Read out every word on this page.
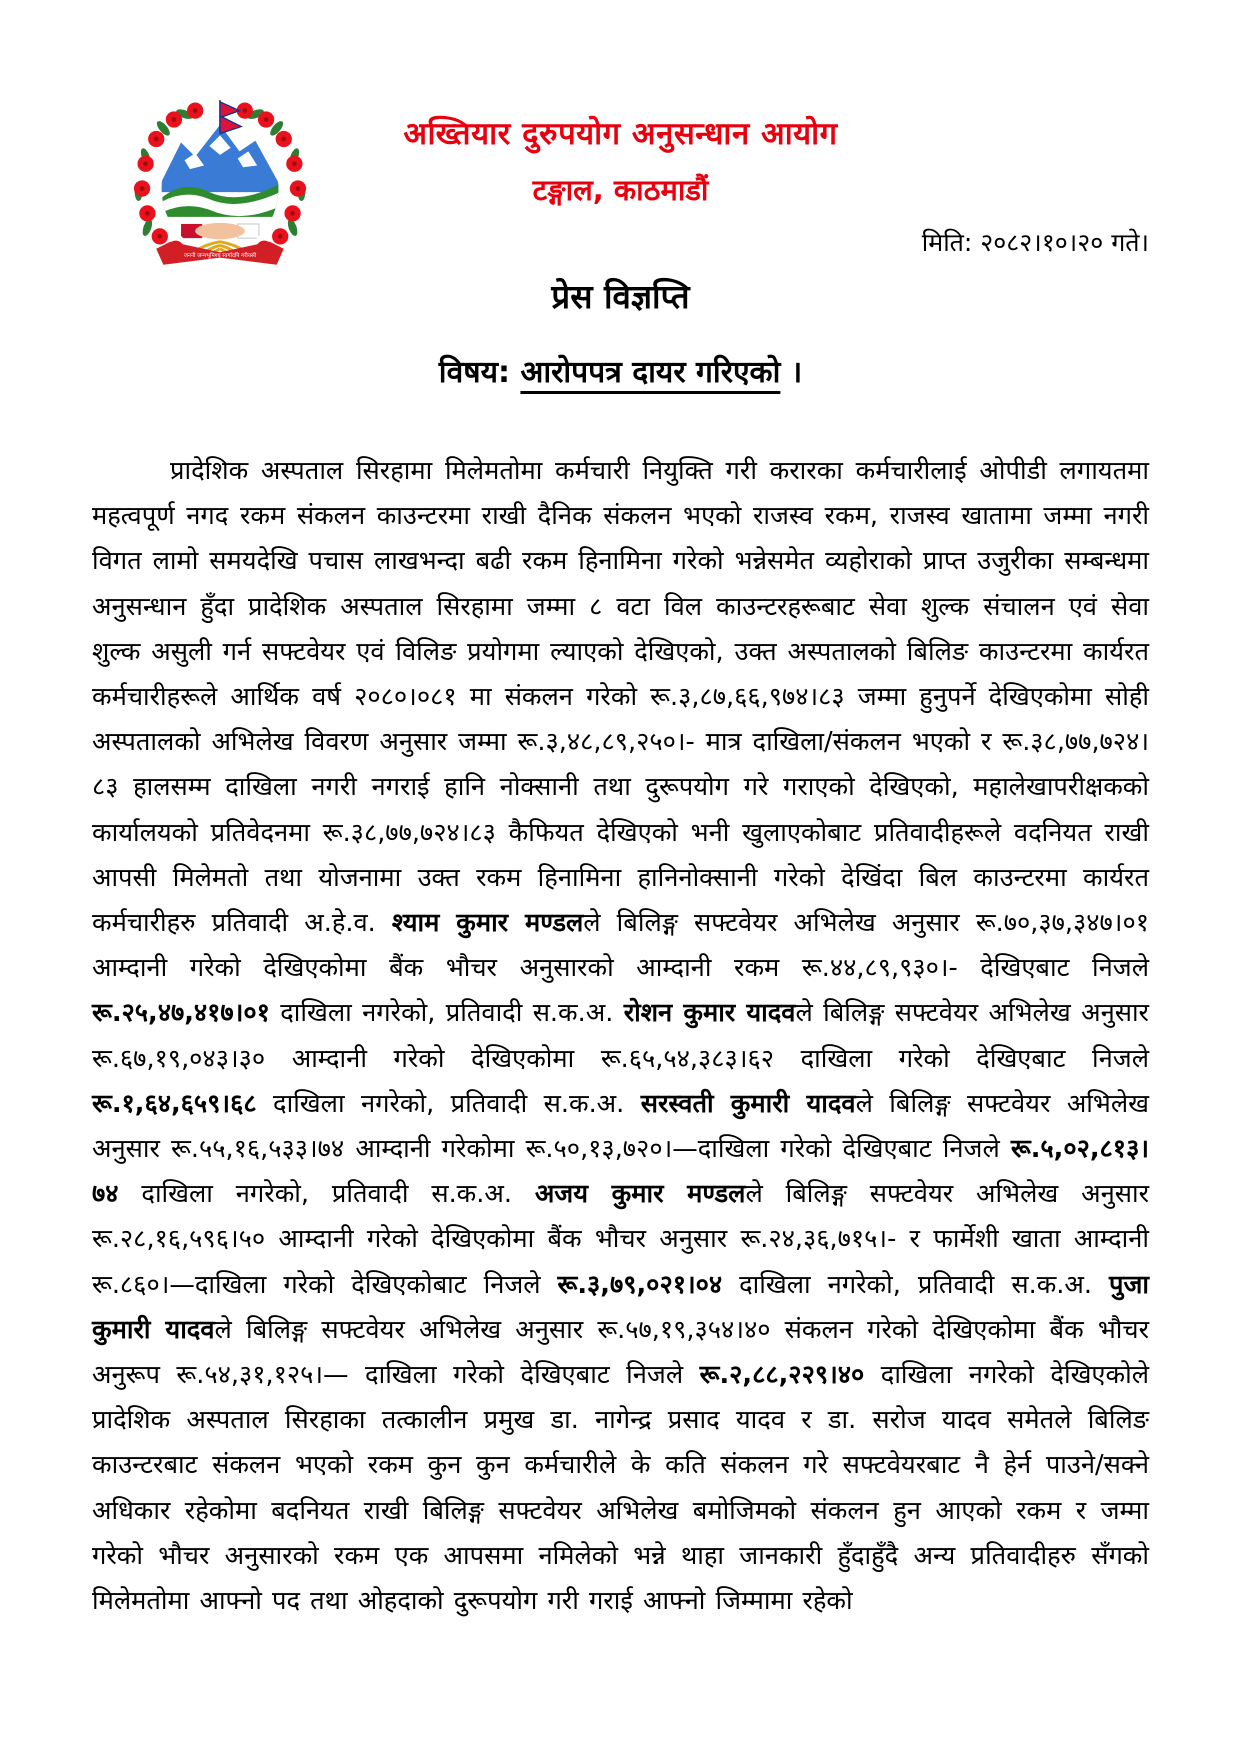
जननी जन्मभूमिश्च स्वर्गादपि गरीयसी
अख्तियार दुरुपयोग अनुसन्धान आयोग
टङ्गाल, काठमाडौं
मिति: २०८२।१०।२० गते।
प्रेस विज्ञप्ति
विषय: आरोपपत्र दायर गरिएको ।
प्रादेशिक अस्पताल सिरहामा मिलेमतोमा कर्मचारी नियुक्ति गरी करारका कर्मचारीलाई ओपीडी लगायतमा महत्वपूर्ण नगद रकम संकलन काउन्टरमा राखी दैनिक संकलन भएको राजस्व रकम, राजस्व खातामा जम्मा नगरी विगत लामो समयदेखि पचास लाखभन्दा बढी रकम हिनामिना गरेको भन्नेसमेत व्यहोराको प्राप्त उजुरीका सम्बन्धमा अनुसन्धान हुँदा प्रादेशिक अस्पताल सिरहामा जम्मा ८ वटा विल काउन्टरहरूबाट सेवा शुल्क संचालन एवं सेवा शुल्क असुली गर्न सफ्टवेयर एवं विलिङ प्रयोगमा ल्याएको देखिएको, उक्त अस्पतालको बिलिङ काउन्टरमा कार्यरत कर्मचारीहरूले आर्थिक वर्ष २०८०।०८१ मा संकलन गरेको रू.३,८७,६६,९७४।८३ जम्मा हुनुपर्ने देखिएकोमा सोही अस्पतालको अभिलेख विवरण अनुसार जम्मा रू.३,४८,८९,२५०।- मात्र दाखिला/संकलन भएको र रू.३८,७७,७२४।८३ हालसम्म दाखिला नगरी नगराई हानि नोक्सानी तथा दुरूपयोग गरे गराएको देखिएको, महालेखापरीक्षकको कार्यालयको प्रतिवेदनमा रू.३८,७७,७२४।८३ कैफियत देखिएको भनी खुलाएकोबाट प्रतिवादीहरूले वदनियत राखी आपसी मिलेमतो तथा योजनामा उक्त रकम हिनामिना हानिनोक्सानी गरेको देखिंदा बिल काउन्टरमा कार्यरत कर्मचारीहरु प्रतिवादी अ.हे.व. श्याम कुमार मण्डलले बिलिङ्ग सफ्टवेयर अभिलेख अनुसार रू.७०,३७,३४७।०१ आम्दानी गरेको देखिएकोमा बैंक भौचर अनुसारको आम्दानी रकम रू.४४,८९,९३०।- देखिएबाट निजले रू.२५,४७,४१७।०१ दाखिला नगरेको, प्रतिवादी स.क.अ. रोशन कुमार यादवले बिलिङ्ग सफ्टवेयर अभिलेख अनुसार रू.६७,१९,०४३।३० आम्दानी गरेको देखिएकोमा रू.६५,५४,३८३।६२ दाखिला गरेको देखिएबाट निजले रू.१,६४,६५९।६८ दाखिला नगरेको, प्रतिवादी स.क.अ. सरस्वती कुमारी यादवले बिलिङ्ग सफ्टवेयर अभिलेख अनुसार रू.५५,१६,५३३।७४ आम्दानी गरेकोमा रू.५०,१३,७२०।—दाखिला गरेको देखिएबाट निजले रू.५,०२,८१३।७४ दाखिला नगरेको, प्रतिवादी स.क.अ. अजय कुमार मण्डलले बिलिङ्ग सफ्टवेयर अभिलेख अनुसार रू.२८,१६,५९६।५० आम्दानी गरेको देखिएकोमा बैंक भौचर अनुसार रू.२४,३६,७१५।- र फार्मेशी खाता आम्दानी रू.८६०।—दाखिला गरेको देखिएकोबाट निजले रू.३,७९,०२१।०४ दाखिला नगरेको, प्रतिवादी स.क.अ. पुजा कुमारी यादवले बिलिङ्ग सफ्टवेयर अभिलेख अनुसार रू.५७,१९,३५४।४० संकलन गरेको देखिएकोमा बैंक भौचर अनुरूप रू.५४,३१,१२५।— दाखिला गरेको देखिएबाट निजले रू.२,८८,२२९।४० दाखिला नगरेको देखिएकोले प्रादेशिक अस्पताल सिरहाका तत्कालीन प्रमुख डा. नागेन्द्र प्रसाद यादव र डा. सरोज यादव समेतले बिलिङ काउन्टरबाट संकलन भएको रकम कुन कुन कर्मचारीले के कति संकलन गरे सफ्टवेयरबाट नै हेर्न पाउने/सक्ने अधिकार रहेकोमा बदनियत राखी बिलिङ्ग सफ्टवेयर अभिलेख बमोजिमको संकलन हुन आएको रकम र जम्मा गरेको भौचर अनुसारको रकम एक आपसमा नमिलेको भन्ने थाहा जानकारी हुँदाहुँदै अन्य प्रतिवादीहरु सँगको मिलेमतोमा आफ्नो पद तथा ओहदाको दुरूपयोग गरी गराई आफ्नो जिम्मामा रहेको
